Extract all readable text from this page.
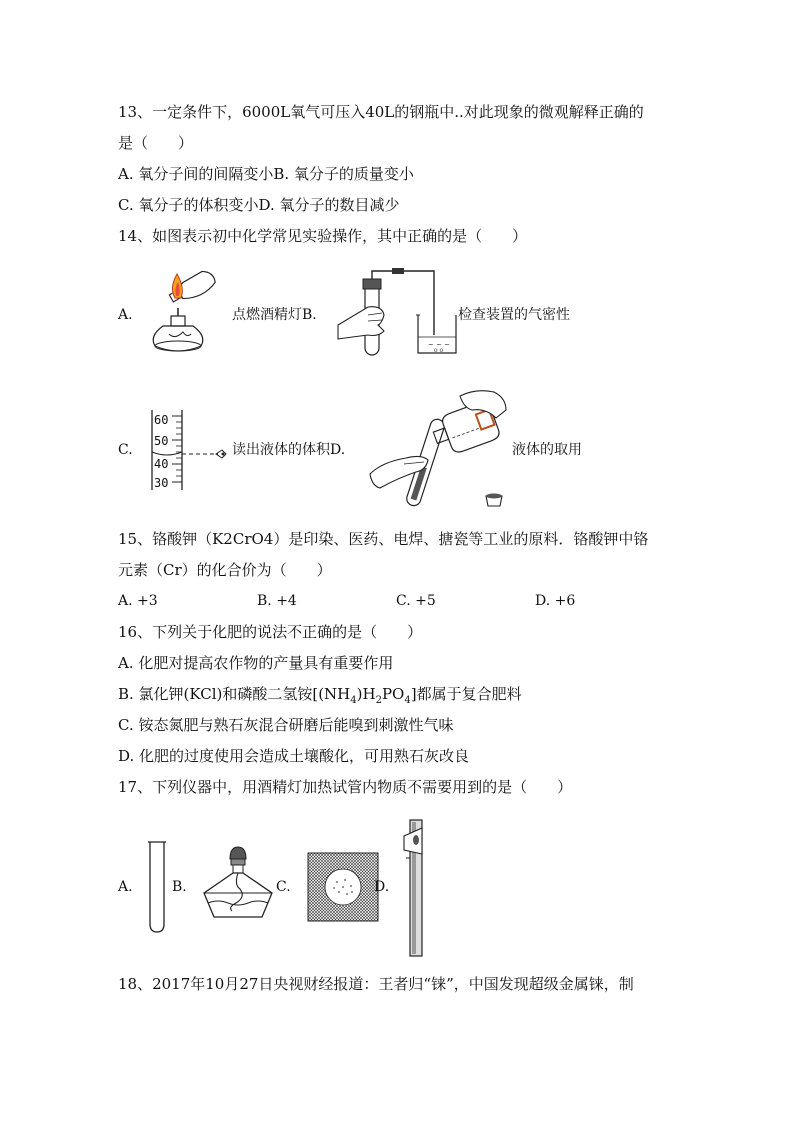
13、一定条件下，6000L氧气可压入40L的钢瓶中..对此现象的微观解释正确的
是（　　）
A. 氧分子间的间隔变小B. 氧分子的质量变小
C. 氧分子的体积变小D. 氧分子的数目减少
14、如图表示初中化学常见实验操作，其中正确的是（　　）
A.	点燃酒精灯B.
~ ~ ~
o o
检查装置的气密性
C.
60
50
40
30
读出液体的体积D.	液体的取用
15、铬酸钾（K2CrO4）是印染、医药、电焊、搪瓷等工业的原料．铬酸钾中铬
元素（Cr）的化合价为（　　）
A. +3	B. +4	C. +5	D. +6
16、下列关于化肥的说法不正确的是（　　）
A. 化肥对提高农作物的产量具有重要作用
B. 氯化钾(KCl)和磷酸二氢铵$[(NH_4)H_2PO_4]$都属于复合肥料
C. 铵态氮肥与熟石灰混合研磨后能嗅到刺激性气味
D. 化肥的过度使用会造成土壤酸化，可用熟石灰改良
17、下列仪器中，用酒精灯加热试管内物质不需要用到的是（　　）
A.	B.	C.	D.
18、2017年10月27日央视财经报道：王者归“铼”，中国发现超级金属铼，制
